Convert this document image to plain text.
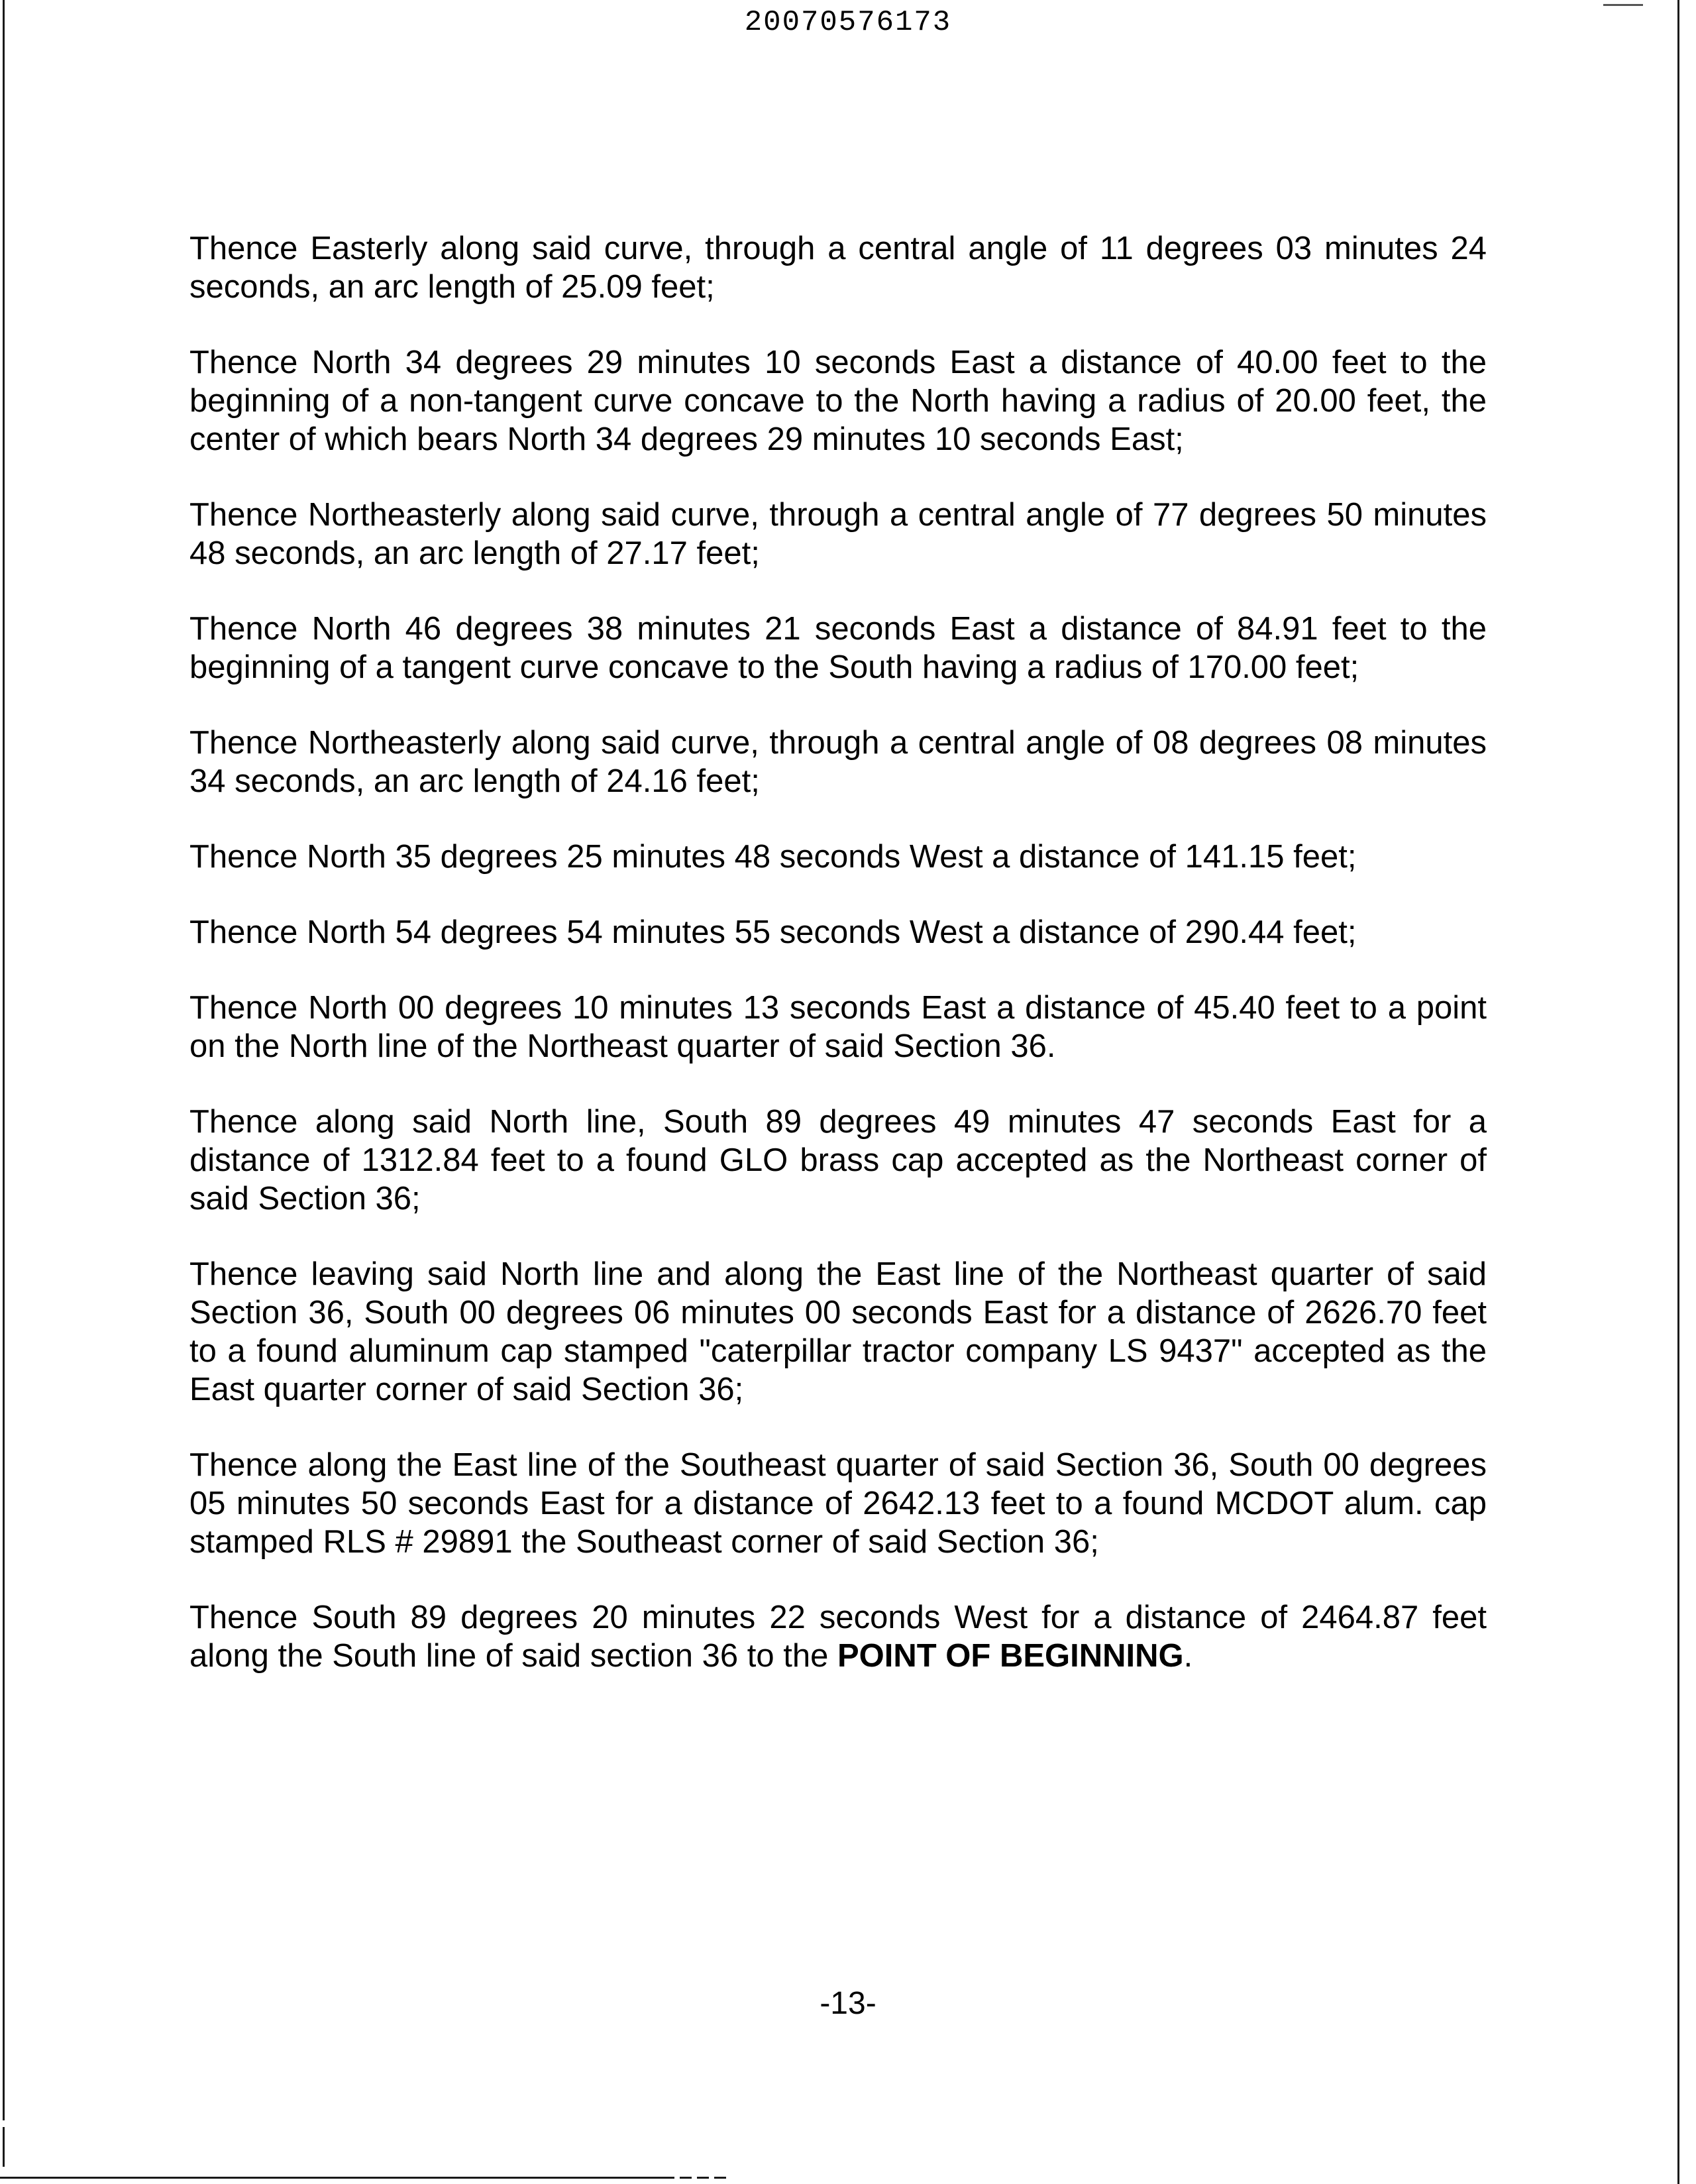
20070576173

Thence Easterly along said curve, through a central angle of 11 degrees 03 minutes 24 seconds, an arc length of 25.09 feet;

Thence North 34 degrees 29 minutes 10 seconds East a distance of 40.00 feet to the beginning of a non-tangent curve concave to the North having a radius of 20.00 feet, the center of which bears North 34 degrees 29 minutes 10 seconds East;

Thence Northeasterly along said curve, through a central angle of 77 degrees 50 minutes 48 seconds, an arc length of 27.17 feet;

Thence North 46 degrees 38 minutes 21 seconds East a distance of 84.91 feet to the beginning of a tangent curve concave to the South having a radius of 170.00 feet;

Thence Northeasterly along said curve, through a central angle of 08 degrees 08 minutes 34 seconds, an arc length of 24.16 feet;

Thence North 35 degrees 25 minutes 48 seconds West a distance of 141.15 feet;

Thence North 54 degrees 54 minutes 55 seconds West a distance of 290.44 feet;

Thence North 00 degrees 10 minutes 13 seconds East a distance of 45.40 feet to a point on the North line of the Northeast quarter of said Section 36.

Thence along said North line, South 89 degrees 49 minutes 47 seconds East for a distance of 1312.84 feet to a found GLO brass cap accepted as the Northeast corner of said Section 36;

Thence leaving said North line and along the East line of the Northeast quarter of said Section 36, South 00 degrees 06 minutes 00 seconds East for a distance of 2626.70 feet to a found aluminum cap stamped "caterpillar tractor company LS 9437" accepted as the East quarter corner of said Section 36;

Thence along the East line of the Southeast quarter of said Section 36, South 00 degrees 05 minutes 50 seconds East for a distance of 2642.13 feet to a found MCDOT alum. cap stamped RLS # 29891 the Southeast corner of said Section 36;

Thence South 89 degrees 20 minutes 22 seconds West for a distance of 2464.87 feet along the South line of said section 36 to the POINT OF BEGINNING.

-13-
